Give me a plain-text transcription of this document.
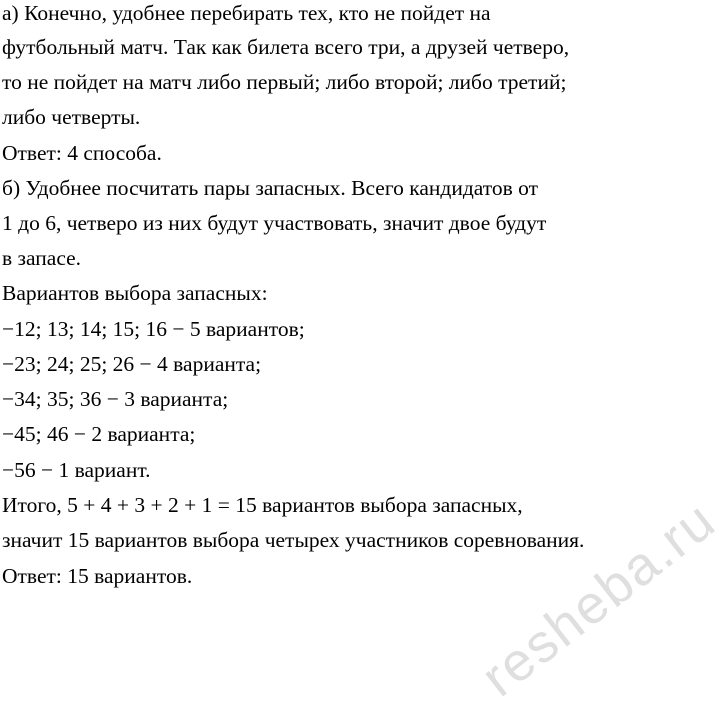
а) Конечно, удобнее перебирать тех, кто не пойдет на

футбольный матч. Так как билета всего три, а друзей четверо,

то не пойдет на матч либо первый; либо второй; либо третий;

либо четверты.

Ответ: 4 способа.

б) Удобнее посчитать пары запасных. Всего кандидатов от

1 до 6, четверо из них будут участвовать, значит двое будут

в запасе.

Вариантов выбора запасных:

−12; 13; 14; 15; 16 − 5 вариантов;

−23; 24; 25; 26 − 4 варианта;

−34; 35; 36 − 3 варианта;

−45; 46 − 2 варианта;

−56 − 1 вариант.

Итого, 5 + 4 + 3 + 2 + 1 = 15 вариантов выбора запасных,

значит 15 вариантов выбора четырех участников соревнования.

Ответ: 15 вариантов.	resheba.ru
